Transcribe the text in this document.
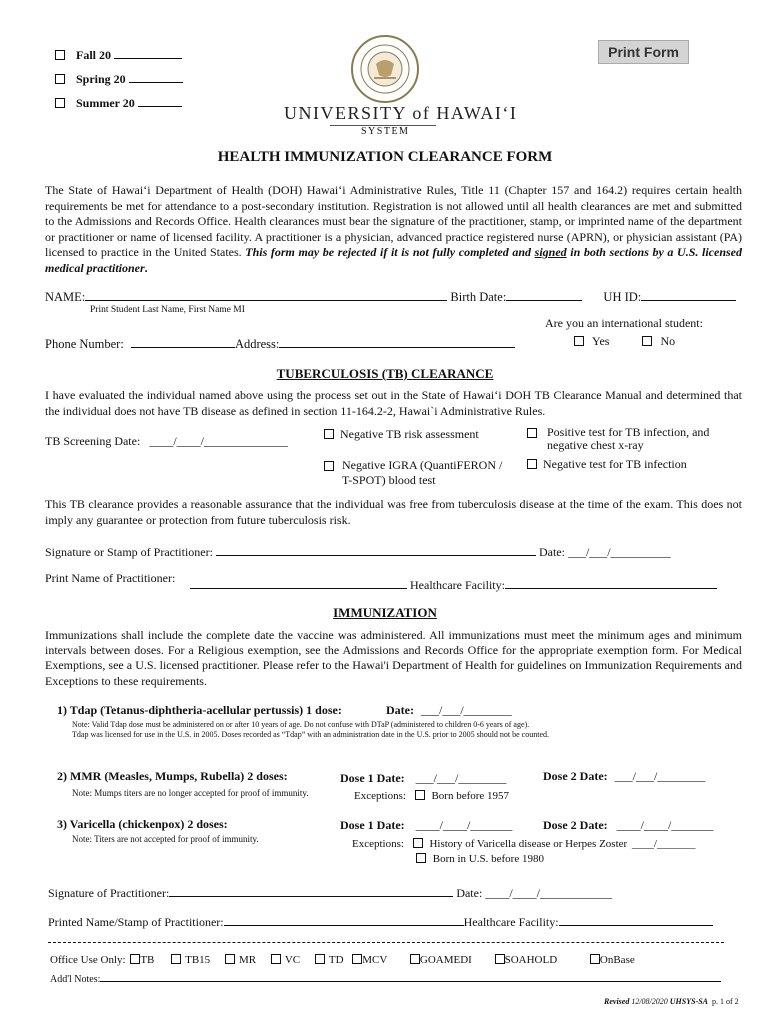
Fall 20
Spring 20
Summer 20	UNIVERSITY of HAWAI‘I
SYSTEM
Print Form
HEALTH IMMUNIZATION CLEARANCE FORM
The State of Hawai‘i Department of Health (DOH) Hawai‘i Administrative Rules, Title 11 (Chapter 157 and 164.2) requires certain health requirements be met for attendance to a post-secondary institution. Registration is not allowed until all health clearances are met and submitted to the Admissions and Records Office. Health clearances must bear the signature of the practitioner, stamp, or imprinted name of the department or practitioner or name of licensed facility. A practitioner is a physician, advanced practice registered nurse (APRN), or physician assistant (PA) licensed to practice in the United States. This form may be rejected if it is not fully completed and signed in both sections by a U.S. licensed medical practitioner.
NAME:	Birth Date:	UH ID:
Print Student Last Name, First Name MI
Are you an international student:
Yes	No
Phone Number:	Address:
TUBERCULOSIS (TB) CLEARANCE
I have evaluated the individual named above using the process set out in the State of Hawai‘i DOH TB Clearance Manual and determined that the individual does not have TB disease as defined in section 11-164.2-2, Hawai`i Administrative Rules.
TB Screening Date: ____/____/______________	Negative TB risk assessment	Positive test for TB infection, and negative chest x-ray
Negative IGRA (QuantiFERON / T-SPOT) blood test
Negative test for TB infection
This TB clearance provides a reasonable assurance that the individual was free from tuberculosis disease at the time of the exam. This does not imply any guarantee or protection from future tuberculosis risk.
Signature or Stamp of Practitioner:	Date: ___/___/__________
Print Name of Practitioner:	Healthcare Facility:
IMMUNIZATION
Immunizations shall include the complete date the vaccine was administered. All immunizations must meet the minimum ages and minimum intervals between doses. For a Religious exemption, see the Admissions and Records Office for the appropriate exemption form. For Medical Exemptions, see a U.S. licensed practitioner. Please refer to the Hawai'i Department of Health for guidelines on Immunization Requirements and Exceptions to these requirements.
1) Tdap (Tetanus-diphtheria-acellular pertussis) 1 dose:	Date: ___/___/________
Note: Valid Tdap dose must be administered on or after 10 years of age. Do not confuse with DTaP (administered to children 0-6 years of age).
Tdap was licensed for use in the U.S. in 2005. Doses recorded as “Tdap” with an administration date in the U.S. prior to 2005 should not be counted.
2) MMR (Measles, Mumps, Rubella) 2 doses:
Note: Mumps titers are no longer accepted for proof of immunity.
Dose 1 Date: ___/___/________	Dose 2 Date: ___/___/________
Exceptions: Born before 1957
3) Varicella (chickenpox) 2 doses:
Note: Titers are not accepted for proof of immunity.
Dose 1 Date: ____/____/_______	Dose 2 Date: ____/____/_______
Exceptions: History of Varicella disease or Herpes Zoster ____/_______
Born in U.S. before 1980
Signature of Practitioner:	Date: ____/____/____________
Printed Name/Stamp of Practitioner:	Healthcare Facility:
Office Use Only: TB	TB15	MR	VC	TD MCV	GOAMEDI	SOAHOLD	OnBase
Add'l Notes:
Revised 12/08/2020 UHSYS-SA p. 1 of 2
